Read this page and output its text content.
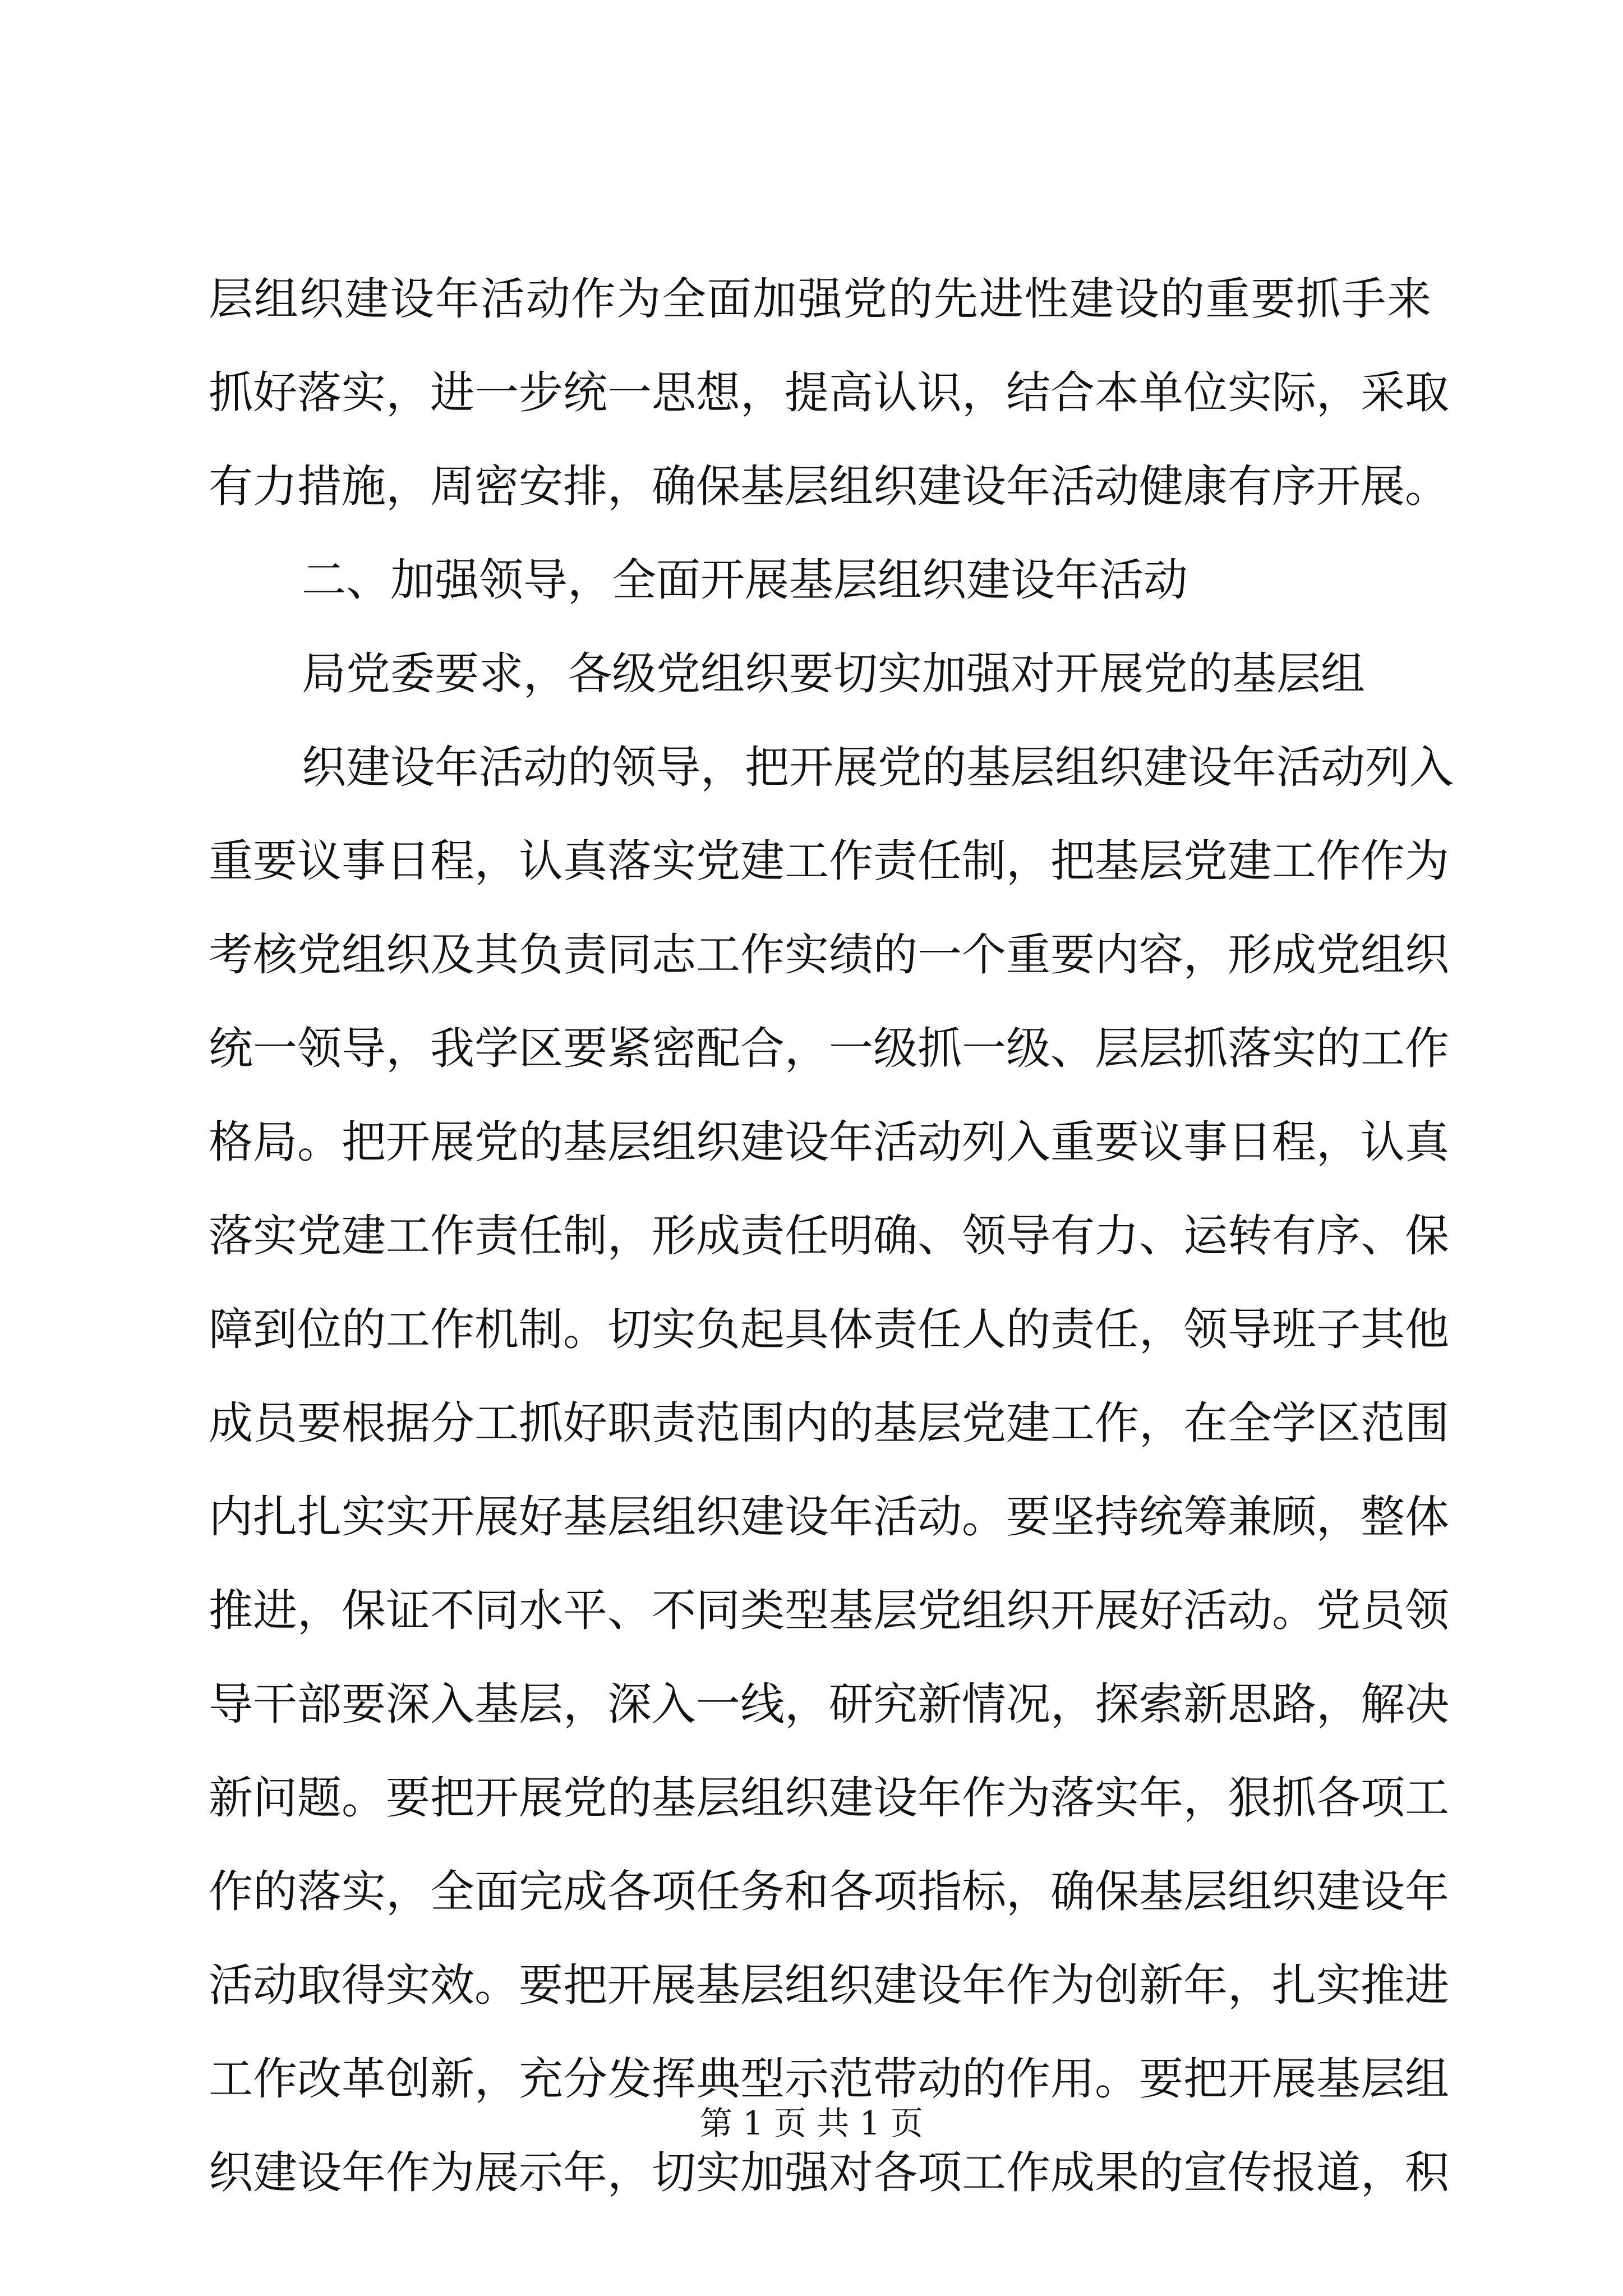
层组织建设年活动作为全面加强党的先进性建设的重要抓手来
抓好落实，进一步统一思想，提高认识，结合本单位实际，采取
有力措施，周密安排，确保基层组织建设年活动健康有序开展。
二、加强领导，全面开展基层组织建设年活动
局党委要求，各级党组织要切实加强对开展党的基层组
织建设年活动的领导，把开展党的基层组织建设年活动列入
重要议事日程，认真落实党建工作责任制，把基层党建工作作为
考核党组织及其负责同志工作实绩的一个重要内容，形成党组织
统一领导，我学区要紧密配合，一级抓一级、层层抓落实的工作
格局。把开展党的基层组织建设年活动列入重要议事日程，认真
落实党建工作责任制，形成责任明确、领导有力、运转有序、保
障到位的工作机制。切实负起具体责任人的责任，领导班子其他
成员要根据分工抓好职责范围内的基层党建工作，在全学区范围
内扎扎实实开展好基层组织建设年活动。要坚持统筹兼顾，整体
推进，保证不同水平、不同类型基层党组织开展好活动。党员领
导干部要深入基层，深入一线，研究新情况，探索新思路，解决
新问题。要把开展党的基层组织建设年作为落实年，狠抓各项工
作的落实，全面完成各项任务和各项指标，确保基层组织建设年
活动取得实效。要把开展基层组织建设年作为创新年，扎实推进
工作改革创新，充分发挥典型示范带动的作用。要把开展基层组
织建设年作为展示年，切实加强对各项工作成果的宣传报道，积
第 1 页 共 1 页
